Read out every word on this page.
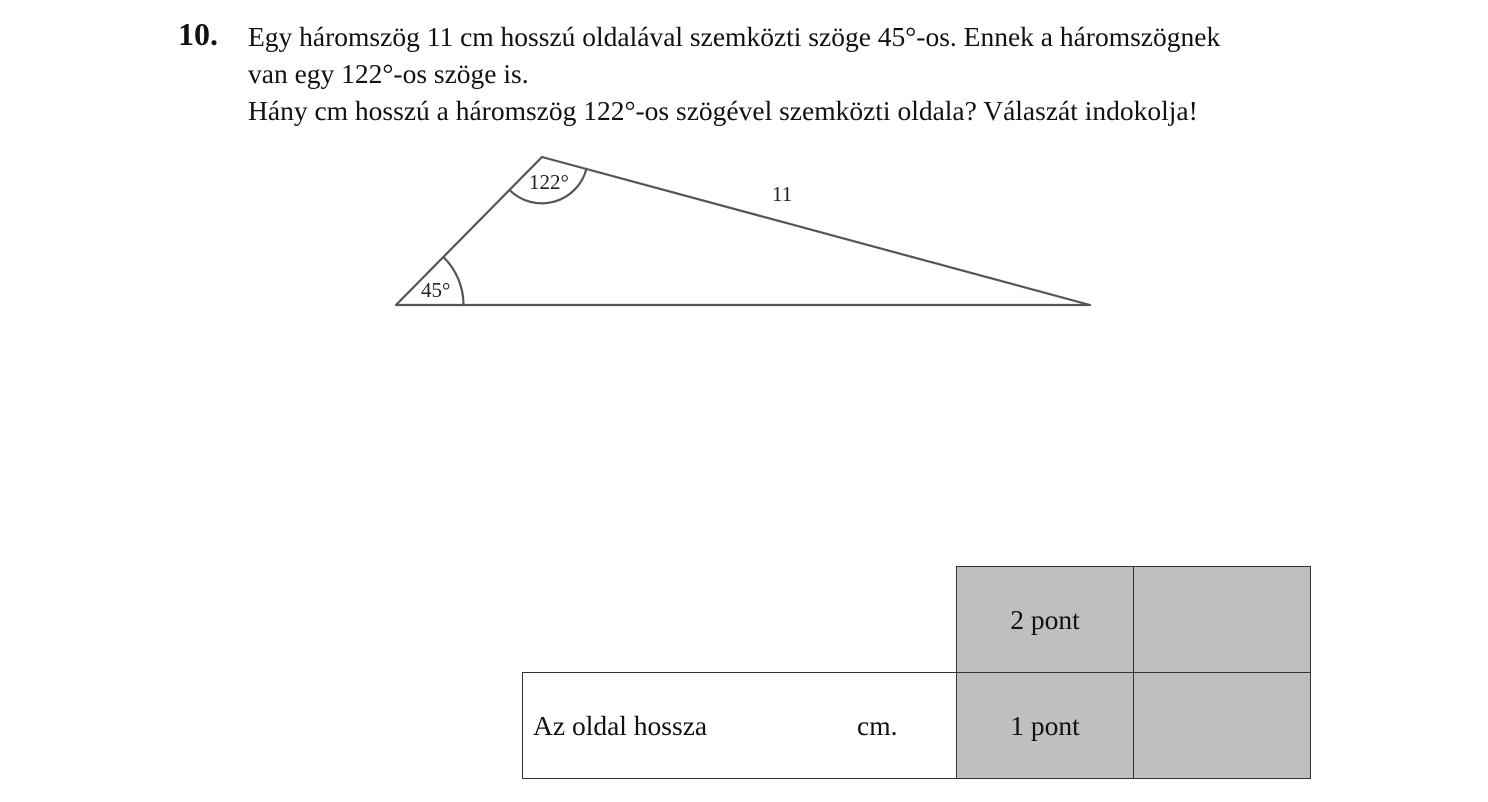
10. Egy háromszög 11 cm hosszú oldalával szemközti szöge 45°-os. Ennek a háromszögnek
van egy 122°-os szöge is.
Hány cm hosszú a háromszög 122°-os szögével szemközti oldala? Válaszát indokolja!
122°
45°
11
2 pont
Az oldal hossza	cm.	1 pont
